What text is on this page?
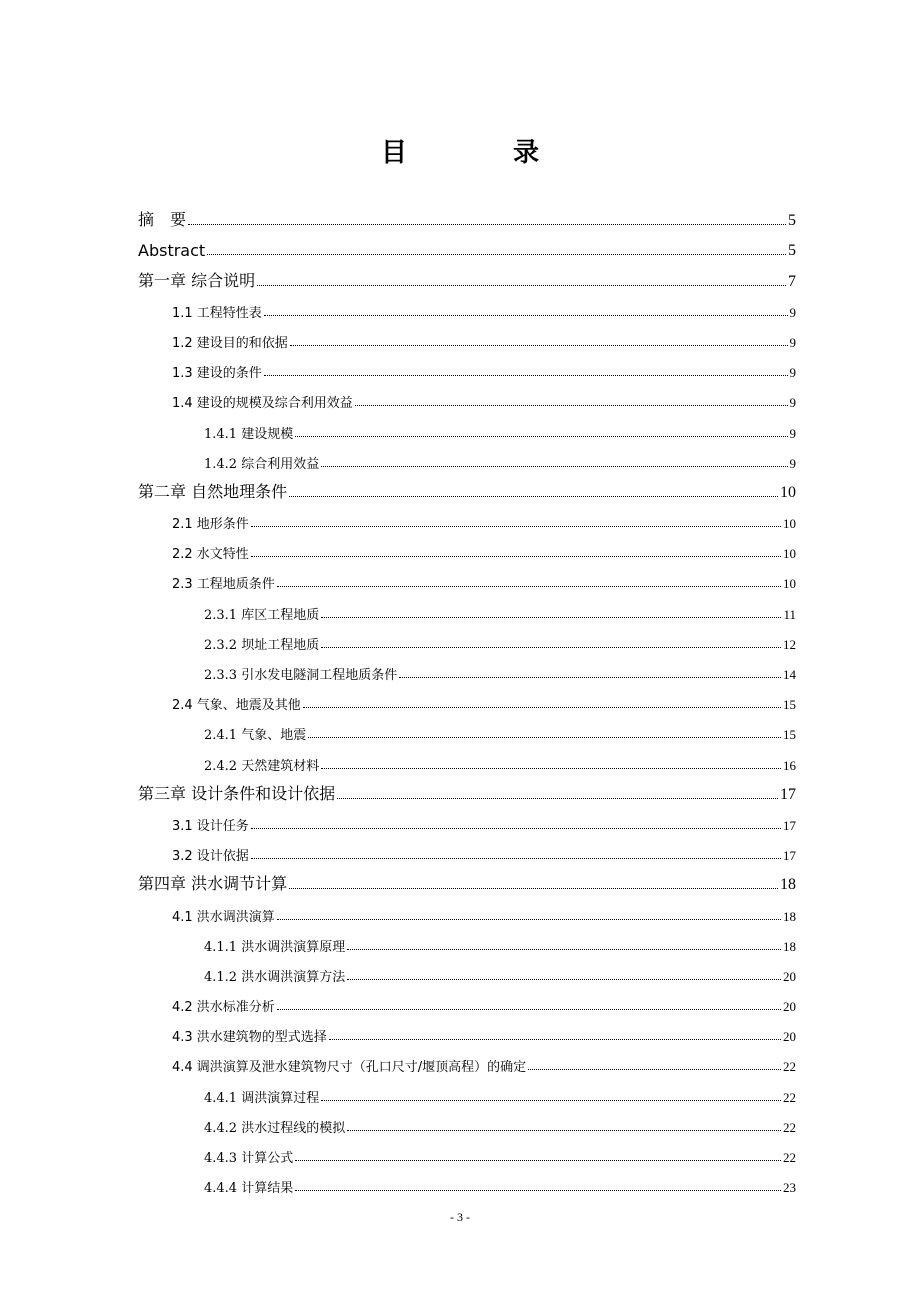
目　录
摘　要	5
Abstract	5
第一章 综合说明	7
1.1 工程特性表	9
1.2 建设目的和依据	9
1.3 建设的条件	9
1.4 建设的规模及综合利用效益	9
1.4.1 建设规模	9
1.4.2 综合利用效益	9
第二章 自然地理条件	10
2.1 地形条件	10
2.2 水文特性	10
2.3 工程地质条件	10
2.3.1 库区工程地质	11
2.3.2 坝址工程地质	12
2.3.3 引水发电隧洞工程地质条件	14
2.4 气象、地震及其他	15
2.4.1 气象、地震	15
2.4.2 天然建筑材料	16
第三章 设计条件和设计依据	17
3.1 设计任务	17
3.2 设计依据	17
第四章 洪水调节计算	18
4.1 洪水调洪演算	18
4.1.1 洪水调洪演算原理	18
4.1.2 洪水调洪演算方法	20
4.2 洪水标准分析	20
4.3 洪水建筑物的型式选择	20
4.4 调洪演算及泄水建筑物尺寸（孔口尺寸/堰顶高程）的确定	22
4.4.1 调洪演算过程	22
4.4.2 洪水过程线的模拟	22
4.4.3 计算公式	22
4.4.4 计算结果	23
- 3 -
